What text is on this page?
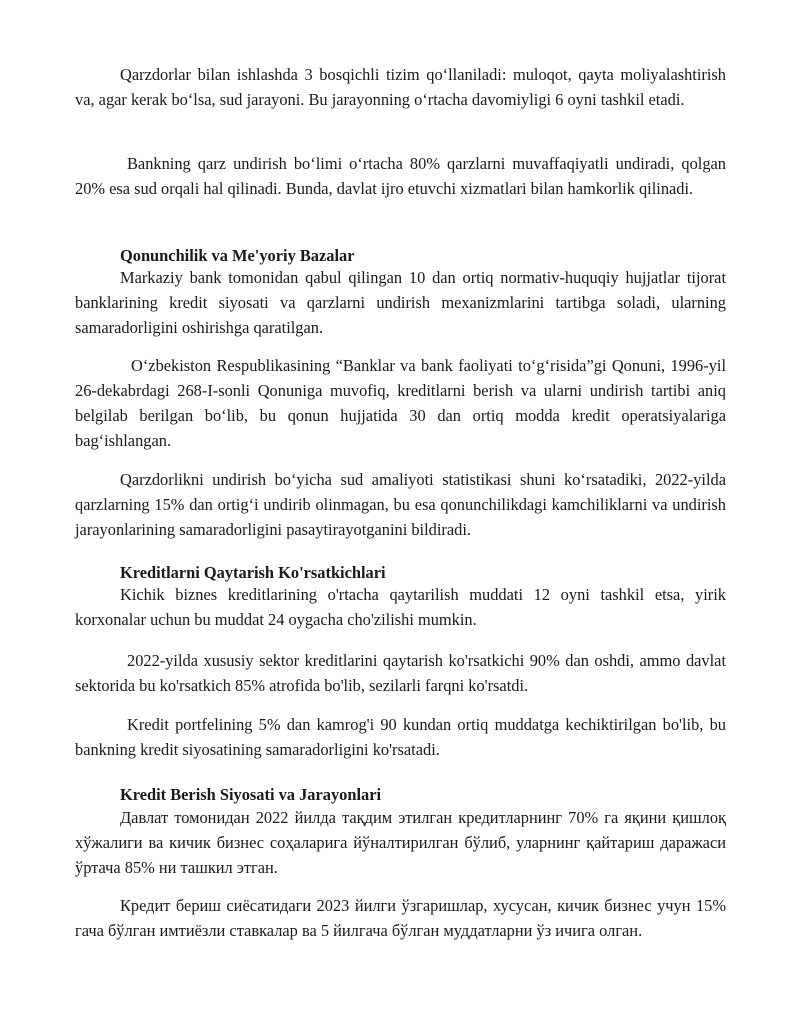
Qarzdorlar bilan ishlashda 3 bosqichli tizim qo‘llaniladi: muloqot, qayta moliyalashtirish va, agar kerak bo‘lsa, sud jarayoni. Bu jarayonning o‘rtacha davomiyligi 6 oyni tashkil etadi.

Bankning qarz undirish bo‘limi o‘rtacha 80% qarzlarni muvaffaqiyatli undiradi, qolgan 20% esa sud orqali hal qilinadi. Bunda, davlat ijro etuvchi xizmatlari bilan hamkorlik qilinadi.

Qonunchilik va Me'yoriy Bazalar

Markaziy bank tomonidan qabul qilingan 10 dan ortiq normativ-huquqiy hujjatlar tijorat banklarining kredit siyosati va qarzlarni undirish mexanizmlarini tartibga soladi, ularning samaradorligini oshirishga qaratilgan.

O‘zbekiston Respublikasining “Banklar va bank faoliyati to‘g‘risida”gi Qonuni, 1996-yil 26-dekabrdagi 268-I-sonli Qonuniga muvofiq, kreditlarni berish va ularni undirish tartibi aniq belgilab berilgan bo‘lib, bu qonun hujjatida 30 dan ortiq modda kredit operatsiyalariga bag‘ishlangan.

Qarzdorlikni undirish bo‘yicha sud amaliyoti statistikasi shuni ko‘rsatadiki, 2022-yilda qarzlarning 15% dan ortig‘i undirib olinmagan, bu esa qonunchilikdagi kamchiliklarni va undirish jarayonlarining samaradorligini pasaytirayotganini bildiradi.

Kreditlarni Qaytarish Ko'rsatkichlari

Kichik biznes kreditlarining o'rtacha qaytarilish muddati 12 oyni tashkil etsa, yirik korxonalar uchun bu muddat 24 oygacha cho'zilishi mumkin.

2022-yilda xususiy sektor kreditlarini qaytarish ko'rsatkichi 90% dan oshdi, ammo davlat sektorida bu ko'rsatkich 85% atrofida bo'lib, sezilarli farqni ko'rsatdi.

Kredit portfelining 5% dan kamrog'i 90 kundan ortiq muddatga kechiktirilgan bo'lib, bu bankning kredit siyosatining samaradorligini ko'rsatadi.

Kredit Berish Siyosati va Jarayonlari

Давлат томонидан 2022 йилда тақдим этилган кредитларнинг 70% га яқини қишлоқ хўжалиги ва кичик бизнес соҳаларига йўналтирилган бўлиб, уларнинг қайтариш даражаси ўртача 85% ни ташкил этган.

Кредит бериш сиёсатидаги 2023 йилги ўзгаришлар, хусусан, кичик бизнес учун 15% гача бўлган имтиёзли ставкалар ва 5 йилгача бўлган муддатларни ўз ичига олган.
